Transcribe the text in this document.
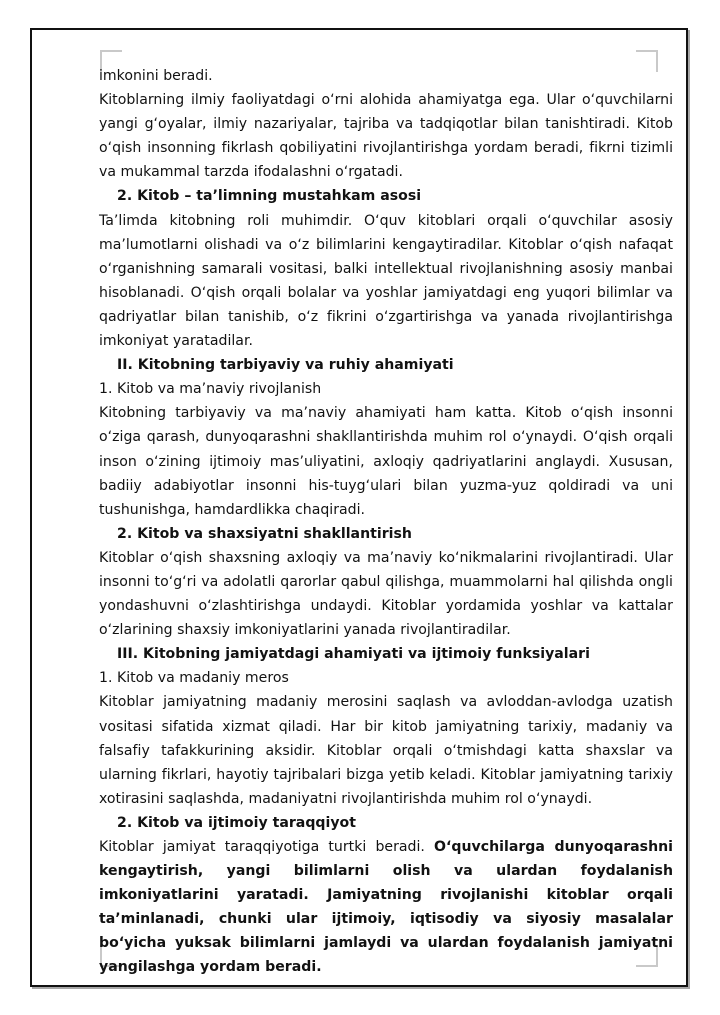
imkonini beradi.

Kitoblarning ilmiy faoliyatdagi o‘rni alohida ahamiyatga ega. Ular o‘quvchilarni yangi g‘oyalar, ilmiy nazariyalar, tajriba va tadqiqotlar bilan tanishtiradi. Kitob o‘qish insonning fikrlash qobiliyatini rivojlantirishga yordam beradi, fikrni tizimli va mukammal tarzda ifodalashni o‘rgatadi.

2. Kitob – ta’limning mustahkam asosi

Ta’limda kitobning roli muhimdir. O‘quv kitoblari orqali o‘quvchilar asosiy ma’lumotlarni olishadi va o‘z bilimlarini kengaytiradilar. Kitoblar o‘qish nafaqat o‘rganishning samarali vositasi, balki intellektual rivojlanishning asosiy manbai hisoblanadi. O‘qish orqali bolalar va yoshlar jamiyatdagi eng yuqori bilimlar va qadriyatlar bilan tanishib, o‘z fikrini o‘zgartirishga va yanada rivojlantirishga imkoniyat yaratadilar.

II. Kitobning tarbiyaviy va ruhiy ahamiyati

1. Kitob va ma’naviy rivojlanish

Kitobning tarbiyaviy va ma’naviy ahamiyati ham katta. Kitob o‘qish insonni o‘ziga qarash, dunyoqarashni shakllantirishda muhim rol o‘ynaydi. O‘qish orqali inson o‘zining ijtimoiy mas’uliyatini, axloqiy qadriyatlarini anglaydi. Xususan, badiiy adabiyotlar insonni his-tuyg‘ulari bilan yuzma-yuz qoldiradi va uni tushunishga, hamdardlikka chaqiradi.

2. Kitob va shaxsiyatni shakllantirish

Kitoblar o‘qish shaxsning axloqiy va ma’naviy ko‘nikmalarini rivojlantiradi. Ular insonni to‘g‘ri va adolatli qarorlar qabul qilishga, muammolarni hal qilishda ongli yondashuvni o‘zlashtirishga undaydi. Kitoblar yordamida yoshlar va kattalar o‘zlarining shaxsiy imkoniyatlarini yanada rivojlantiradilar.

III. Kitobning jamiyatdagi ahamiyati va ijtimoiy funksiyalari

1. Kitob va madaniy meros

Kitoblar jamiyatning madaniy merosini saqlash va avloddan-avlodga uzatish vositasi sifatida xizmat qiladi. Har bir kitob jamiyatning tarixiy, madaniy va falsafiy tafakkurining aksidir. Kitoblar orqali o‘tmishdagi katta shaxslar va ularning fikrlari, hayotiy tajribalari bizga yetib keladi. Kitoblar jamiyatning tarixiy xotirasini saqlashda, madaniyatni rivojlantirishda muhim rol o‘ynaydi.

2. Kitob va ijtimoiy taraqqiyot

Kitoblar jamiyat taraqqiyotiga turtki beradi. O‘quvchilarga dunyoqarashni kengaytirish, yangi bilimlarni olish va ulardan foydalanish imkoniyatlarini yaratadi. Jamiyatning rivojlanishi kitoblar orqali ta’minlanadi, chunki ular ijtimoiy, iqtisodiy va siyosiy masalalar bo‘yicha yuksak bilimlarni jamlaydi va ulardan foydalanish jamiyatni yangilashga yordam beradi.
